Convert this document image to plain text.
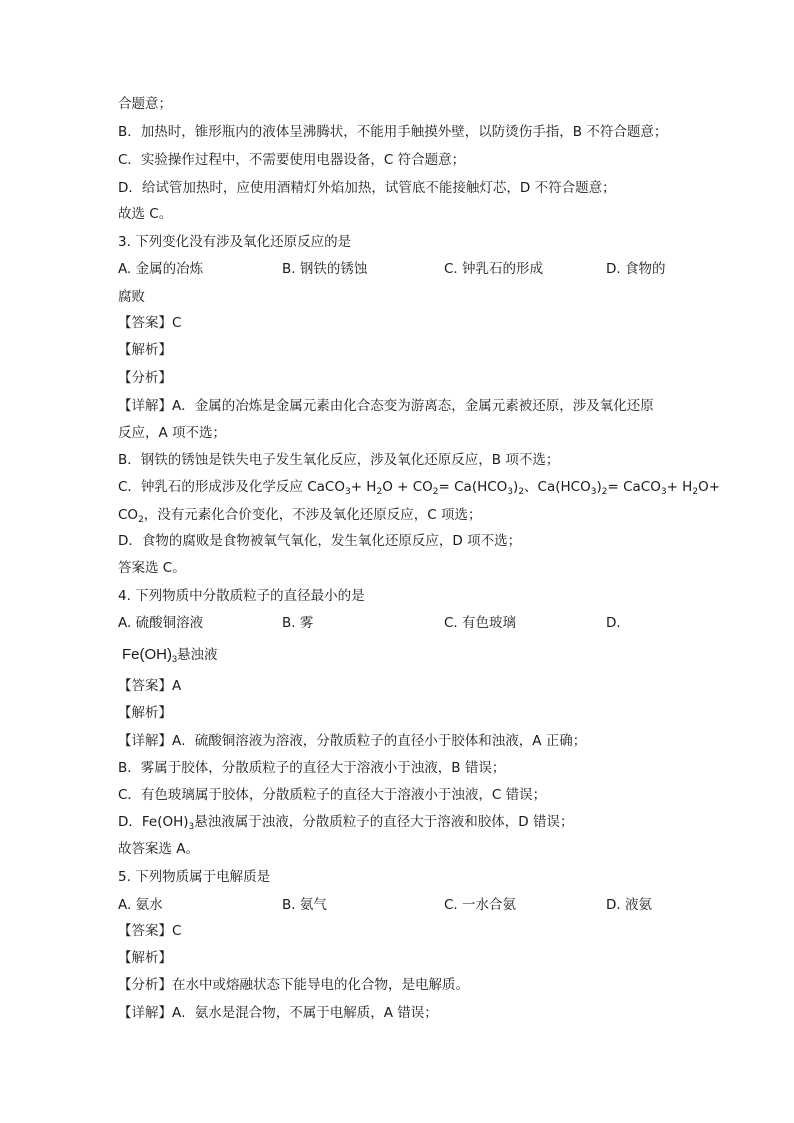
合题意；
B．加热时，锥形瓶内的液体呈沸腾状，不能用手触摸外壁，以防烫伤手指，B 不符合题意；
C．实验操作过程中，不需要使用电器设备，C 符合题意；
D．给试管加热时，应使用酒精灯外焰加热，试管底不能接触灯芯，D 不符合题意；
故选 C。
3. 下列变化没有涉及氧化还原反应的是
A. 金属的冶炼	B. 钢铁的锈蚀	C. 钟乳石的形成	D. 食物的
腐败
【答案】C
【解析】
【分析】
【详解】A．金属的冶炼是金属元素由化合态变为游离态，金属元素被还原，涉及氧化还原
反应，A 项不选；
B．钢铁的锈蚀是铁失电子发生氧化反应，涉及氧化还原反应，B 项不选；
C．钟乳石的形成涉及化学反应 CaCO$_3$+ $H_2O + CO_2= Ca(HCO_3)_2$、$Ca(HCO_3)_2=$ CaCO$_3$+ $H_2O+$
$CO_2$，没有元素化合价变化，不涉及氧化还原反应，C 项选；
D．食物的腐败是食物被氧气氧化，发生氧化还原反应，D 项不选；
答案选 C。
4. 下列物质中分散质粒子的直径最小的是
A. 硫酸铜溶液	B. 雾	C. 有色玻璃	D.
$Fe(OH)_3$悬浊液
【答案】A
【解析】
【详解】A．硫酸铜溶液为溶液，分散质粒子的直径小于胶体和浊液，A 正确；
B．雾属于胶体，分散质粒子的直径大于溶液小于浊液，B 错误；
C．有色玻璃属于胶体，分散质粒子的直径大于溶液小于浊液，C 错误；
D．$Fe(OH)_3$悬浊液属于浊液，分散质粒子的直径大于溶液和胶体，D 错误；
故答案选 A。
5. 下列物质属于电解质是
A. 氨水	B. 氨气	C. 一水合氨	D. 液氨
【答案】C
【解析】
【分析】在水中或熔融状态下能导电的化合物，是电解质。
【详解】A．氨水是混合物，不属于电解质，A 错误；
